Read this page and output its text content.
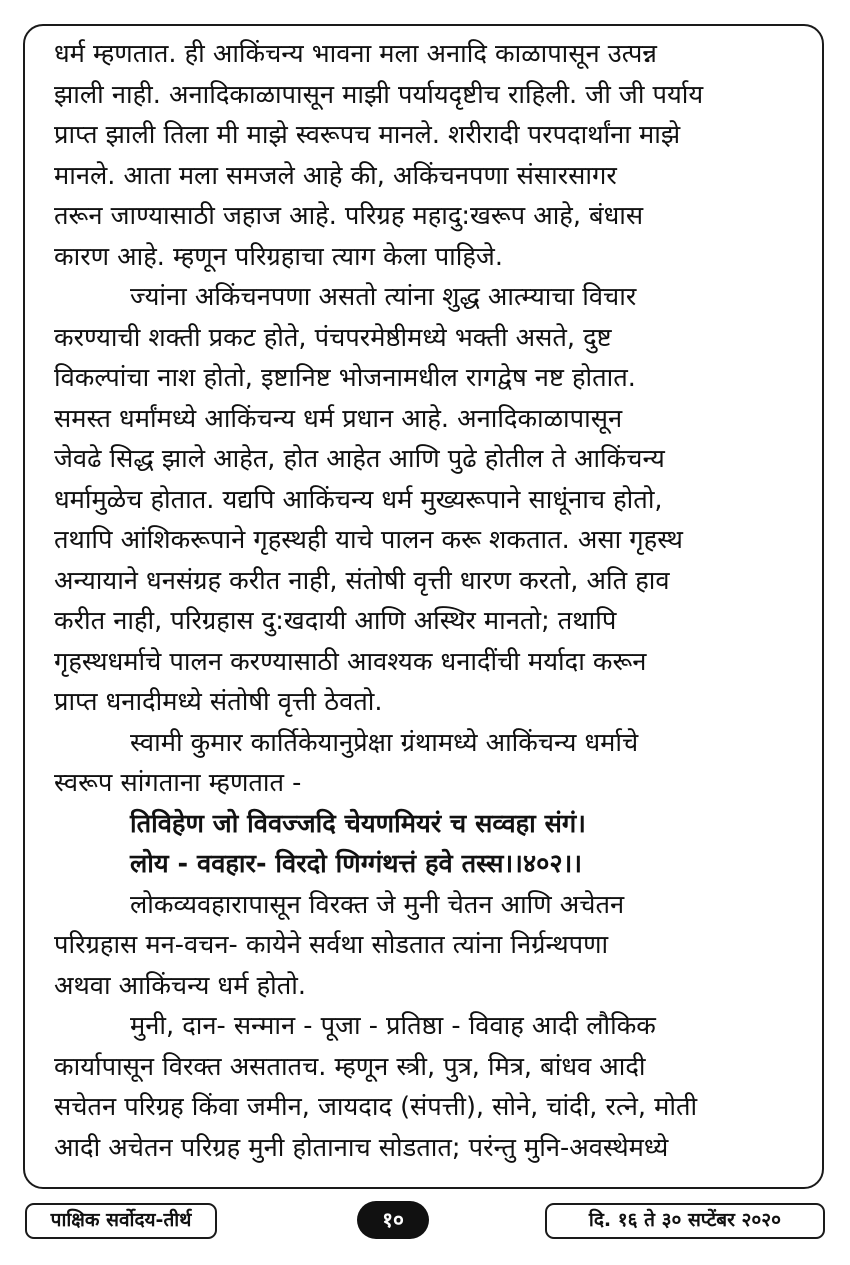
धर्म म्हणतात. ही आकिंचन्य भावना मला अनादि काळापासून उत्पन्न
झाली नाही. अनादिकाळापासून माझी पर्यायदृष्टीच राहिली. जी जी पर्याय
प्राप्त झाली तिला मी माझे स्वरूपच मानले. शरीरादी परपदार्थांना माझे
मानले. आता मला समजले आहे की, अकिंचनपणा संसारसागर
तरून जाण्यासाठी जहाज आहे. परिग्रह महादु:खरूप आहे, बंधास
कारण आहे. म्हणून परिग्रहाचा त्याग केला पाहिजे.
ज्यांना अकिंचनपणा असतो त्यांना शुद्ध आत्म्याचा विचार
करण्याची शक्ती प्रकट होते, पंचपरमेष्ठीमध्ये भक्ती असते, दुष्ट
विकल्पांचा नाश होतो, इष्टानिष्ट भोजनामधील रागद्वेष नष्ट होतात.
समस्त धर्मांमध्ये आकिंचन्य धर्म प्रधान आहे. अनादिकाळापासून
जेवढे सिद्ध झाले आहेत, होत आहेत आणि पुढे होतील ते आकिंचन्य
धर्मामुळेच होतात. यद्यपि आकिंचन्य धर्म मुख्यरूपाने साधूंनाच होतो,
तथापि आंशिकरूपाने गृहस्थही याचे पालन करू शकतात. असा गृहस्थ
अन्यायाने धनसंग्रह करीत नाही, संतोषी वृत्ती धारण करतो, अति हाव
करीत नाही, परिग्रहास दु:खदायी आणि अस्थिर मानतो; तथापि
गृहस्थधर्माचे पालन करण्यासाठी आवश्यक धनादींची मर्यादा करून
प्राप्त धनादीमध्ये संतोषी वृत्ती ठेवतो.
स्वामी कुमार कार्तिकेयानुप्रेक्षा ग्रंथामध्ये आकिंचन्य धर्माचे
स्वरूप सांगताना म्हणतात -
तिविहेण जो विवज्जदि चेयणमियरं च सव्वहा संगं।
लोय - ववहार- विरदो णिग्गंथत्तं हवे तस्स।।४०२।।
लोकव्यवहारापासून विरक्त जे मुनी चेतन आणि अचेतन
परिग्रहास मन-वचन- कायेने सर्वथा सोडतात त्यांना निर्ग्रन्थपणा
अथवा आकिंचन्य धर्म होतो.
मुनी, दान- सन्मान - पूजा - प्रतिष्ठा - विवाह आदी लौकिक
कार्यापासून विरक्त असतातच. म्हणून स्त्री, पुत्र, मित्र, बांधव आदी
सचेतन परिग्रह किंवा जमीन, जायदाद (संपत्ती), सोने, चांदी, रत्ने, मोती
आदी अचेतन परिग्रह मुनी होतानाच सोडतात; परंन्तु मुनि-अवस्थेमध्ये
पाक्षिक सर्वोदय-तीर्थ	१०	दि. १६ ते ३० सप्टेंबर २०२०
